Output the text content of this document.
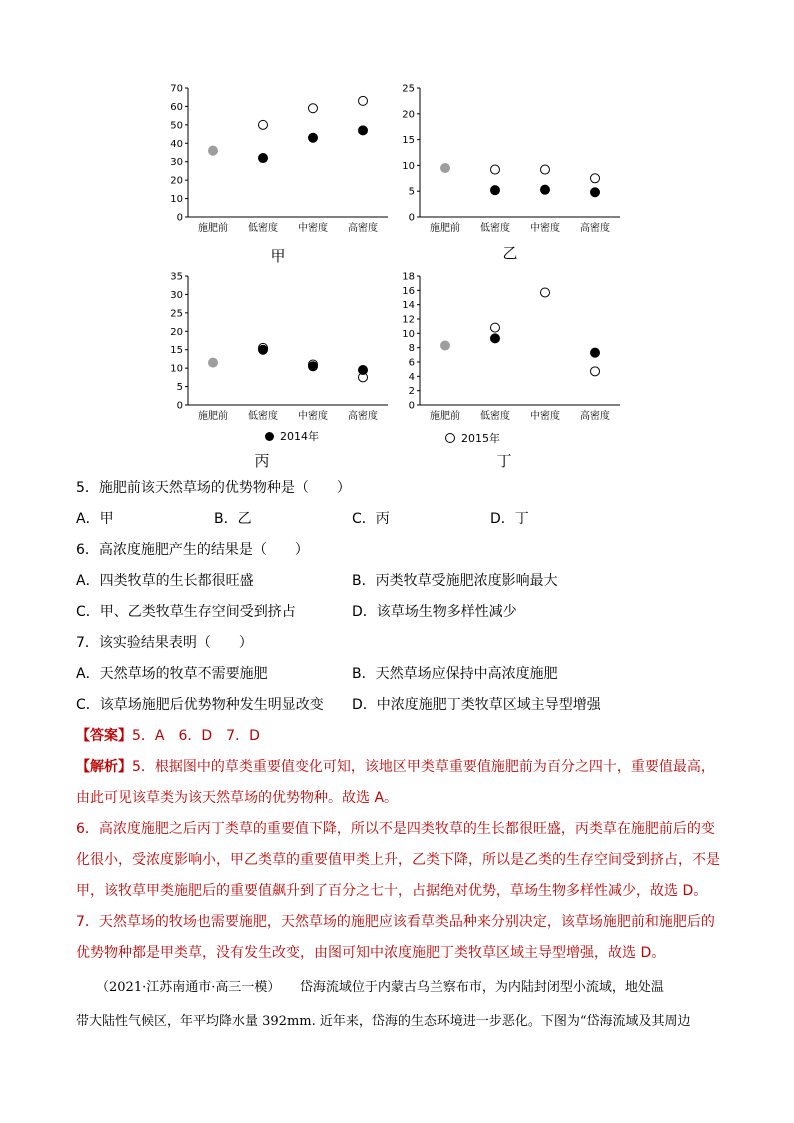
0
10
20
30
40
50
60
70
施肥前 低密度 中密度 高密度
甲
0
5
10
15
20
25
施肥前 低密度 中密度 高密度
乙
0
5
10
15
20
25
30
35
施肥前 低密度 中密度 高密度
丙
0
2
4
6
8
10
12
14
16
18
施肥前 低密度 中密度 高密度
丁
2014年	2015年
5．施肥前该天然草场的优势物种是（　　）
A．甲	B．乙	C．丙	D．丁
6．高浓度施肥产生的结果是（　　）
A．四类牧草的生长都很旺盛	B．丙类牧草受施肥浓度影响最大
C．甲、乙类牧草生存空间受到挤占	D．该草场生物多样性减少
7．该实验结果表明（　　）
A．天然草场的牧草不需要施肥	B．天然草场应保持中高浓度施肥
C．该草场施肥后优势物种发生明显改变 D．中浓度施肥丁类牧草区域主导型增强
【答案】5．A　6．D　7．D
【解析】5．根据图中的草类重要值变化可知，该地区甲类草重要值施肥前为百分之四十，重要值最高，
由此可见该草类为该天然草场的优势物种。故选 A。
6．高浓度施肥之后丙丁类草的重要值下降，所以不是四类牧草的生长都很旺盛，丙类草在施肥前后的变
化很小，受浓度影响小，甲乙类草的重要值甲类上升，乙类下降，所以是乙类的生存空间受到挤占，不是
甲，该牧草甲类施肥后的重要值飙升到了百分之七十，占据绝对优势，草场生物多样性减少，故选 D。
7．天然草场的牧场也需要施肥，天然草场的施肥应该看草类品种来分别决定，该草场施肥前和施肥后的
优势物种都是甲类草，没有发生改变，由图可知中浓度施肥丁类牧草区域主导型增强，故选 D。
（2021·江苏南通市·高三一模）　　岱海流域位于内蒙古乌兰察布市，为内陆封闭型小流域，地处温
带大陆性气候区，年平均降水量 392mm. 近年来，岱海的生态环境进一步恶化。下图为“岱海流域及其周边
